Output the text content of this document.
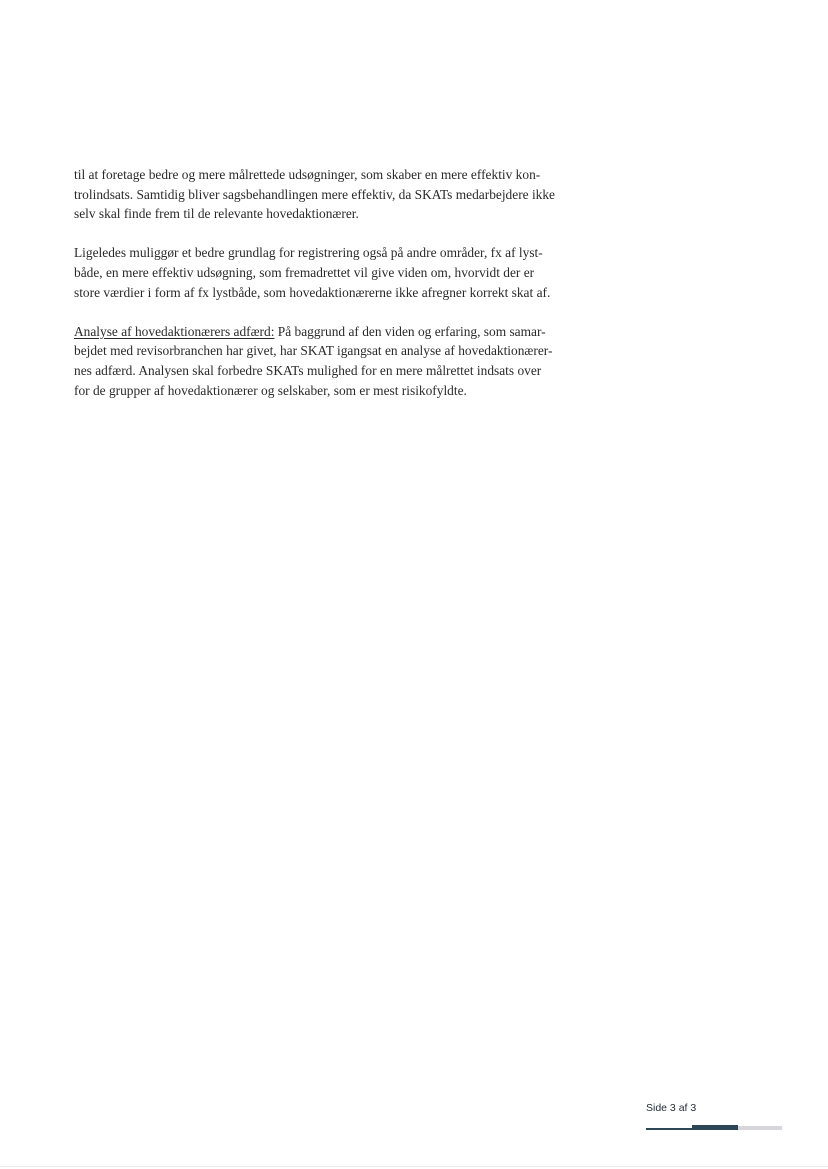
til at foretage bedre og mere målrettede udsøgninger, som skaber en mere effektiv kon-
trolindsats. Samtidig bliver sagsbehandlingen mere effektiv, da SKATs medarbejdere ikke
selv skal finde frem til de relevante hovedaktionærer.

Ligeledes muliggør et bedre grundlag for registrering også på andre områder, fx af lyst-
både, en mere effektiv udsøgning, som fremadrettet vil give viden om, hvorvidt der er
store værdier i form af fx lystbåde, som hovedaktionærerne ikke afregner korrekt skat af.

Analyse af hovedaktionærers adfærd: På baggrund af den viden og erfaring, som samar-
bejdet med revisorbranchen har givet, har SKAT igangsat en analyse af hovedaktionærer-
nes adfærd. Analysen skal forbedre SKATs mulighed for en mere målrettet indsats over
for de grupper af hovedaktionærer og selskaber, som er mest risikofyldte.

Side 3 af 3
